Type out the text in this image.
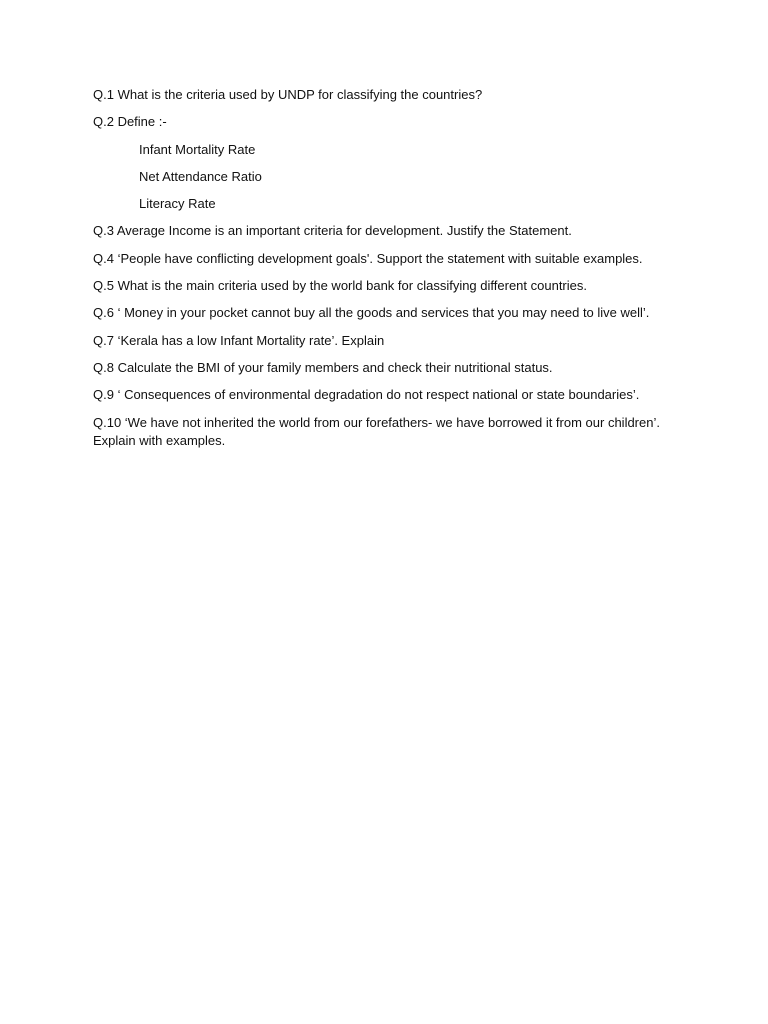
Q.1 What is the criteria used by UNDP for classifying the countries?

Q.2 Define :-

Infant Mortality Rate

Net Attendance Ratio

Literacy Rate

Q.3 Average Income is an important criteria for development. Justify the Statement.

Q.4 ‘People have conflicting development goals'. Support the statement with suitable examples.

Q.5 What is the main criteria used by the world bank for classifying different countries.

Q.6 ‘ Money in your pocket cannot buy all the goods and services that you may need to live well’.

Q.7 ‘Kerala has a low Infant Mortality rate’. Explain

Q.8 Calculate the BMI of your family members and check their nutritional status.

Q.9 ‘ Consequences of environmental degradation do not respect national or state boundaries’.

Q.10 ‘We have not inherited the world from our forefathers- we have borrowed it from our children’. Explain with examples.
